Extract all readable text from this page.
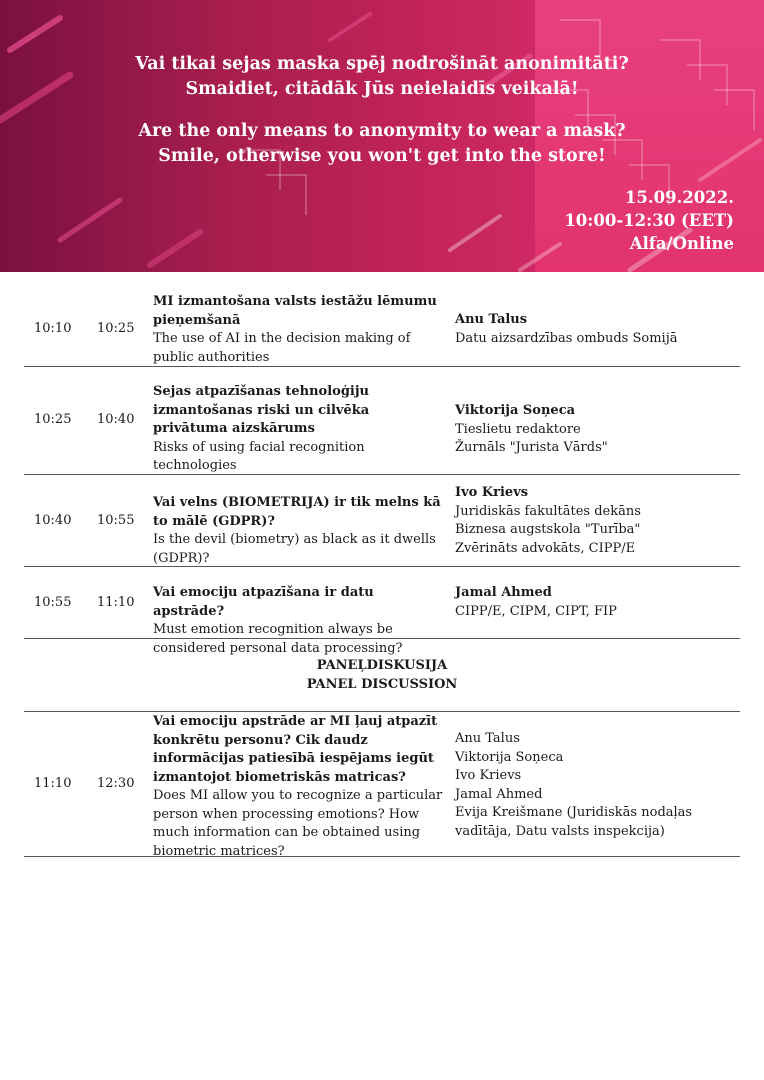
Vai tikai sejas maska spēj nodrošināt anonimitāti?
Smaidiet, citādāk Jūs neielaidīs veikalā!
Are the only means to anonymity to wear a mask?
Smile, otherwise you won't get into the store!
15.09.2022.
10:00-12:30 (EET)
Alfa/Online
10:10 10:25
MI izmantošana valsts iestāžu lēmumu pieņemšanā
The use of AI in the decision making of public authorities
Anu Talus
Datu aizsardzības ombuds Somijā
10:25 10:40
Sejas atpazīšanas tehnoloģiju izmantošanas riski un cilvēka privātuma aizskārums
Risks of using facial recognition technologies
Viktorija Soņeca
Tieslietu redaktore
Žurnāls "Jurista Vārds"
10:40 10:55
Vai velns (BIOMETRIJA) ir tik melns kā to mālē (GDPR)?
Is the devil (biometry) as black as it dwells (GDPR)?
Ivo Krievs
Juridiskās fakultātes dekāns
Biznesa augstskola "Turība"
Zvērināts advokāts, CIPP/E
10:55 11:10
Vai emociju atpazīšana ir datu apstrāde?
Must emotion recognition always be considered personal data processing?
Jamal Ahmed
CIPP/E, CIPM, CIPT, FIP
PANEĻDISKUSIJA
PANEL DISCUSSION
11:10 12:30
Vai emociju apstrāde ar MI ļauj atpazīt konkrētu personu? Cik daudz informācijas patiesībā iespējams iegūt izmantojot biometriskās matricas?
Does MI allow you to recognize a particular person when processing emotions? How much information can be obtained using biometric matrices?
Anu Talus
Viktorija Soņeca
Ivo Krievs
Jamal Ahmed
Evija Kreišmane (Juridiskās nodaļas vadītāja, Datu valsts inspekcija)
